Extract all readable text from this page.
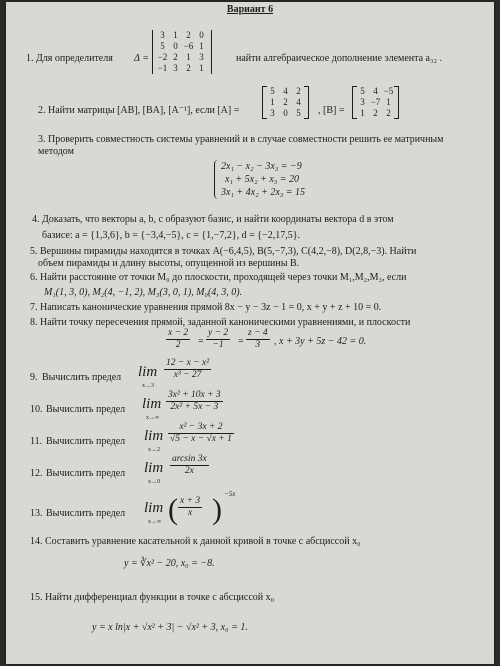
Вариант 6
1. Для определителя Δ =
3	1	2	0
5	0	−6	1
−2	2	1	3
−1	3	2	1
найти алгебраическое дополнение элемента a₃₂ .
2. Найти матрицы [AB], [BA], [A⁻¹], если [A] =
5	4	2
1	2	4
3	0	5 , [B] =
5	4	−5
3	−7	1
1	2	2
3. Проверить совместность системы уравнений и в случае совместности решить ее матричным
методом
2x₁ − x₂ − 3x₃ = −9
x₁ + 5x₂ + x₃ = 20
3x₁ + 4x₂ + 2x₃ = 15
4. Доказать, что векторы a, b, c образуют базис, и найти координаты вектора d в этом
базисе: a = {1,3,6}, b = {−3,4,−5}, c = {1,−7,2}, d = {−2,17,5}.
5. Вершины пирамиды находятся в точках A(−6,4,5), B(5,−7,3), C(4,2,−8), D(2,8,−3). Найти
объем пирамиды и длину высоты, опущенной из вершины B.
6. Найти расстояние от точки M₀ до плоскости, проходящей через точки M₁,M₂,M₃, если
M₁(1, 3, 0), M₂(4, −1, 2), M₃(3, 0, 1), M₀(4, 3, 0).
7. Написать канонические уравнения прямой 8x − y − 3z − 1 = 0, x + y + z + 10 = 0.
8. Найти точку пересечения прямой, заданной каноническими уравнениями, и плоскости
$\frac{x - 2}{2} = \frac{y - 2}{-1} = \frac{z - 4}{3}$ , x + 3y + 5z − 42 = 0.
9. Вычислить предел lim
x→3
$\frac{\text{12 − x − x²}}{\text{x³ − 27}}$
10. Вычислить предел lim
x→∞
$\frac{\text{3x² + 10x + 3}}{\text{2x² + 5x − 3}}$
11. Вычислить предел lim
x→2
$\frac{\text{x² − 3x + 2}}{√5 - x - √x + 1}$
12. Вычислить предел lim
x→0
$\frac{\arcsin 3x}{2x}$
13. Вычислить предел lim
x→∞ ( $\frac{x + 3}{x}$ ) −5x
14. Составить уравнение касательной к данной кривой в точке с абсциссой x₀
y = ∛x² − 20, x₀ = −8.
15. Найти дифференциал функции в точке с абсциссой x₀
y = x ln|x + √x² + 3| − √x² + 3, x₀ = 1.
